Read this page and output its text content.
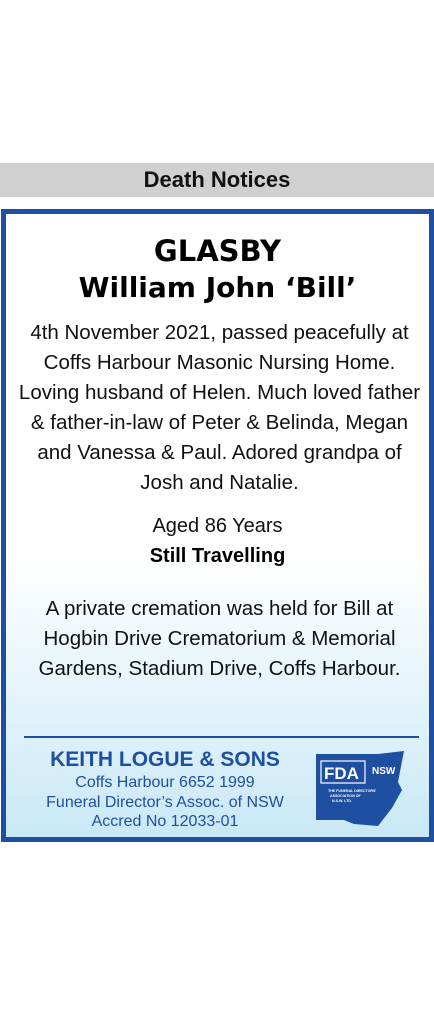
Death Notices
GLASBY
William John ‘Bill’
4th November 2021, passed peacefully at Coffs Harbour Masonic Nursing Home. Loving husband of Helen. Much loved father & father-in-law of Peter & Belinda, Megan and Vanessa & Paul. Adored grandpa of Josh and Natalie.
Aged 86 Years
Still Travelling
A private cremation was held for Bill at Hogbin Drive Crematorium & Memorial Gardens, Stadium Drive, Coffs Harbour.
KEITH LOGUE & SONS
Coffs Harbour 6652 1999
Funeral Director’s Assoc. of NSW
Accred No 12033-01
FDA NSW
THE FUNERAL DIRECTORS'
ASSOCIATION OF
N.S.W. LTD.
